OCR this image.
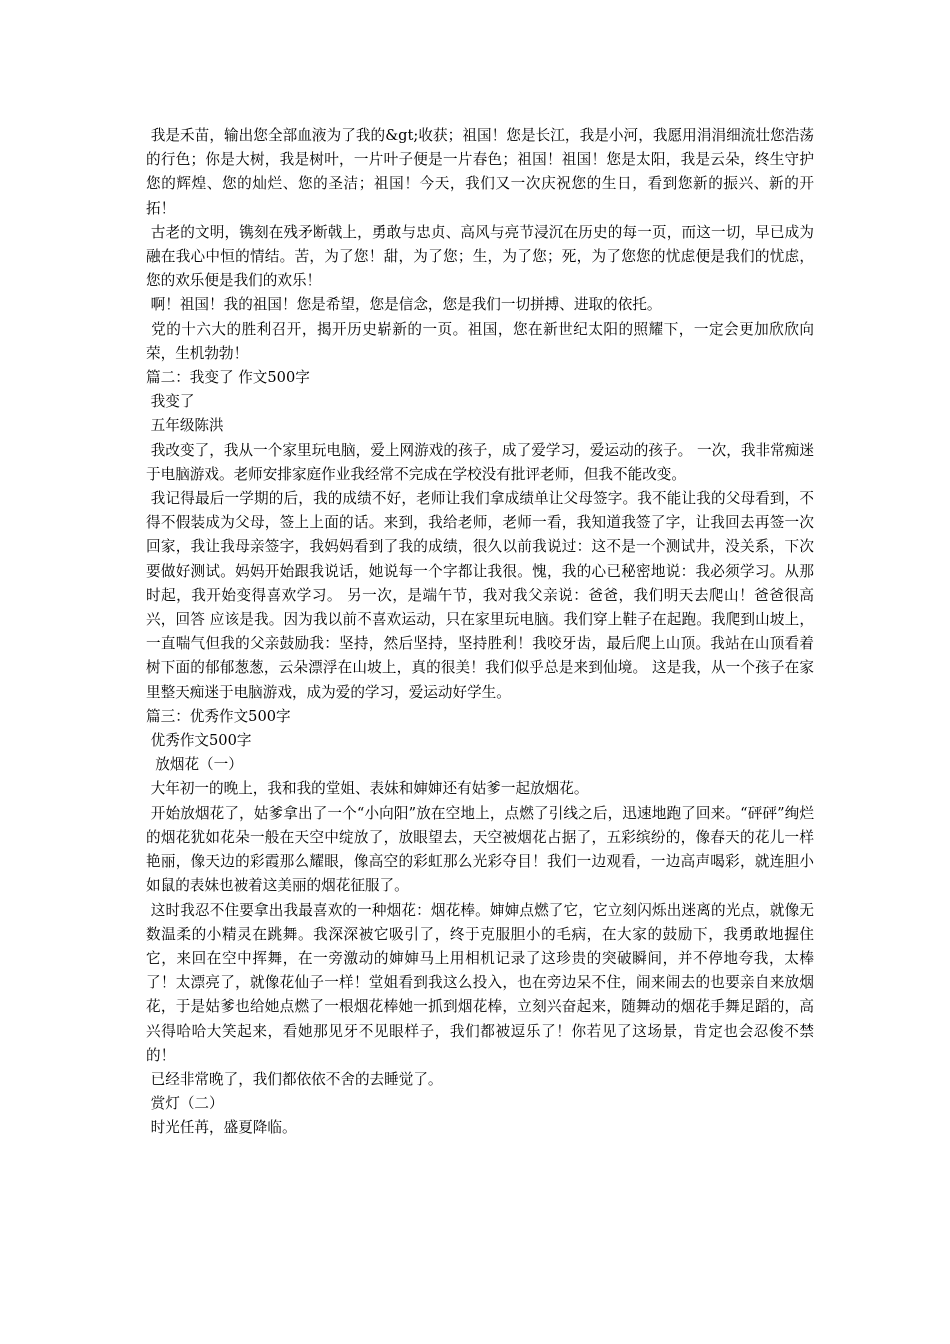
我是禾苗，输出您全部血液为了我的&gt;收获；祖国！您是长江，我是小河，我愿用涓涓细流壮您浩荡的行色；你是大树，我是树叶，一片叶子便是一片春色；祖国！祖国！您是太阳，我是云朵，终生守护您的辉煌、您的灿烂、您的圣洁；祖国！今天，我们又一次庆祝您的生日，看到您新的振兴、新的开拓！

古老的文明，镌刻在残矛断戟上，勇敢与忠贞、高风与亮节浸沉在历史的每一页，而这一切，早已成为融在我心中恒的情结。苦，为了您！甜，为了您；生，为了您；死，为了您您的忧虑便是我们的忧虑，您的欢乐便是我们的欢乐！

啊！祖国！我的祖国！您是希望，您是信念，您是我们一切拼搏、进取的依托。

党的十六大的胜利召开，揭开历史崭新的一页。祖国，您在新世纪太阳的照耀下，一定会更加欣欣向荣，生机勃勃！

篇二：我变了 作文500字

我变了

五年级陈洪

我改变了，我从一个家里玩电脑，爱上网游戏的孩子，成了爱学习，爱运动的孩子。 一次，我非常痴迷于电脑游戏。老师安排家庭作业我经常不完成在学校没有批评老师，但我不能改变。

我记得最后一学期的后，我的成绩不好，老师让我们拿成绩单让父母签字。我不能让我的父母看到，不得不假装成为父母，签上上面的话。来到，我给老师，老师一看，我知道我签了字，让我回去再签一次回家，我让我母亲签字，我妈妈看到了我的成绩，很久以前我说过：这不是一个测试井，没关系，下次要做好测试。妈妈开始跟我说话，她说每一个字都让我很。愧，我的心已秘密地说：我必须学习。从那时起，我开始变得喜欢学习。 另一次，是端午节，我对我父亲说：爸爸，我们明天去爬山！爸爸很高兴，回答 应该是我。因为我以前不喜欢运动，只在家里玩电脑。我们穿上鞋子在起跑。我爬到山坡上，一直喘气但我的父亲鼓励我：坚持，然后坚持，坚持胜利！我咬牙齿，最后爬上山顶。我站在山顶看着树下面的郁郁葱葱，云朵漂浮在山坡上，真的很美！我们似乎总是来到仙境。 这是我，从一个孩子在家里整天痴迷于电脑游戏，成为爱的学习，爱运动好学生。

篇三：优秀作文500字

优秀作文500字

放烟花（一）

大年初一的晚上，我和我的堂姐、表妹和婶婶还有姑爹一起放烟花。

开始放烟花了，姑爹拿出了一个“小向阳”放在空地上，点燃了引线之后，迅速地跑了回来。“砰砰”绚烂的烟花犹如花朵一般在天空中绽放了，放眼望去，天空被烟花占据了，五彩缤纷的，像春天的花儿一样艳丽，像天边的彩霞那么耀眼，像高空的彩虹那么光彩夺目！我们一边观看，一边高声喝彩，就连胆小如鼠的表妹也被着这美丽的烟花征服了。

这时我忍不住要拿出我最喜欢的一种烟花：烟花棒。婶婶点燃了它，它立刻闪烁出迷离的光点，就像无数温柔的小精灵在跳舞。我深深被它吸引了，终于克服胆小的毛病，在大家的鼓励下，我勇敢地握住它，来回在空中挥舞，在一旁激动的婶婶马上用相机记录了这珍贵的突破瞬间，并不停地夸我，太棒了！太漂亮了，就像花仙子一样！堂姐看到我这么投入，也在旁边呆不住，闹来闹去的也要亲自来放烟花，于是姑爹也给她点燃了一根烟花棒她一抓到烟花棒，立刻兴奋起来，随舞动的烟花手舞足蹈的，高兴得哈哈大笑起来，看她那见牙不见眼样子，我们都被逗乐了！你若见了这场景，肯定也会忍俊不禁的！

已经非常晚了，我们都依依不舍的去睡觉了。

赏灯（二）

时光任苒，盛夏降临。
